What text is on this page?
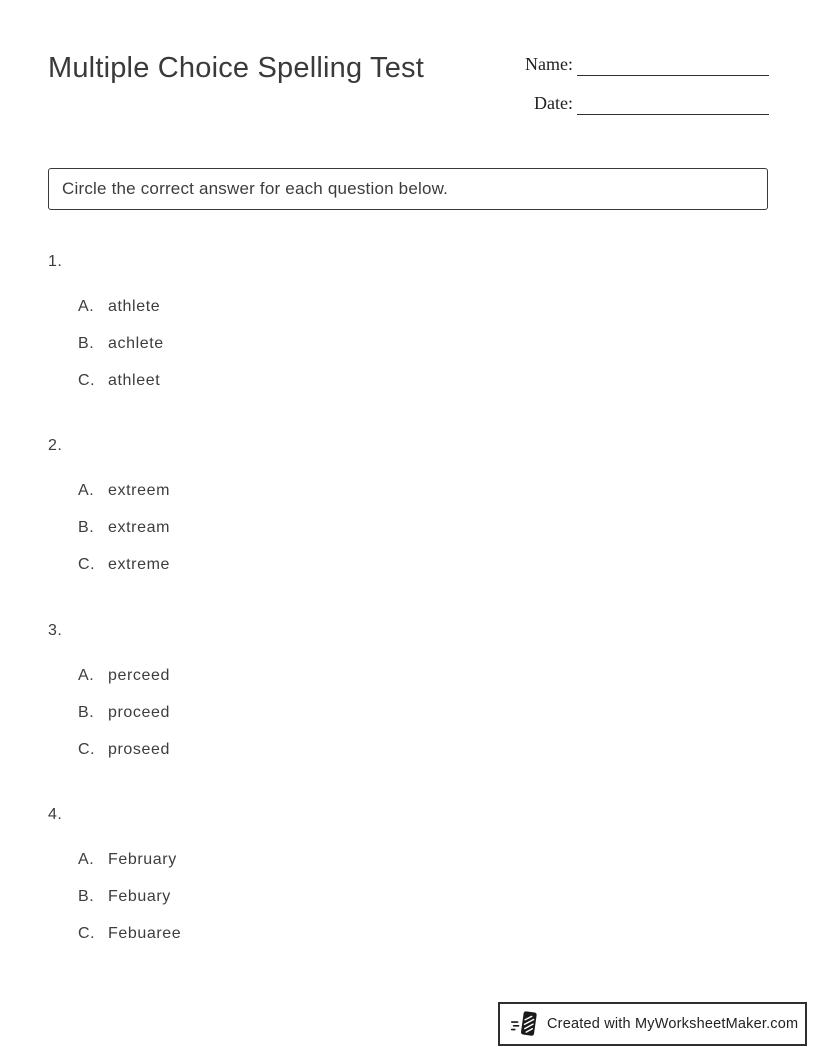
Multiple Choice Spelling Test	Name:
Date:
Circle the correct answer for each question below.
1.
A. athlete
B. achlete
C. athleet
2.
A. extreem
B. extream
C. extreme
3.
A. perceed
B. proceed
C. proseed
4.
A. February
B. Febuary
C. Febuaree
Created with MyWorksheetMaker.com
